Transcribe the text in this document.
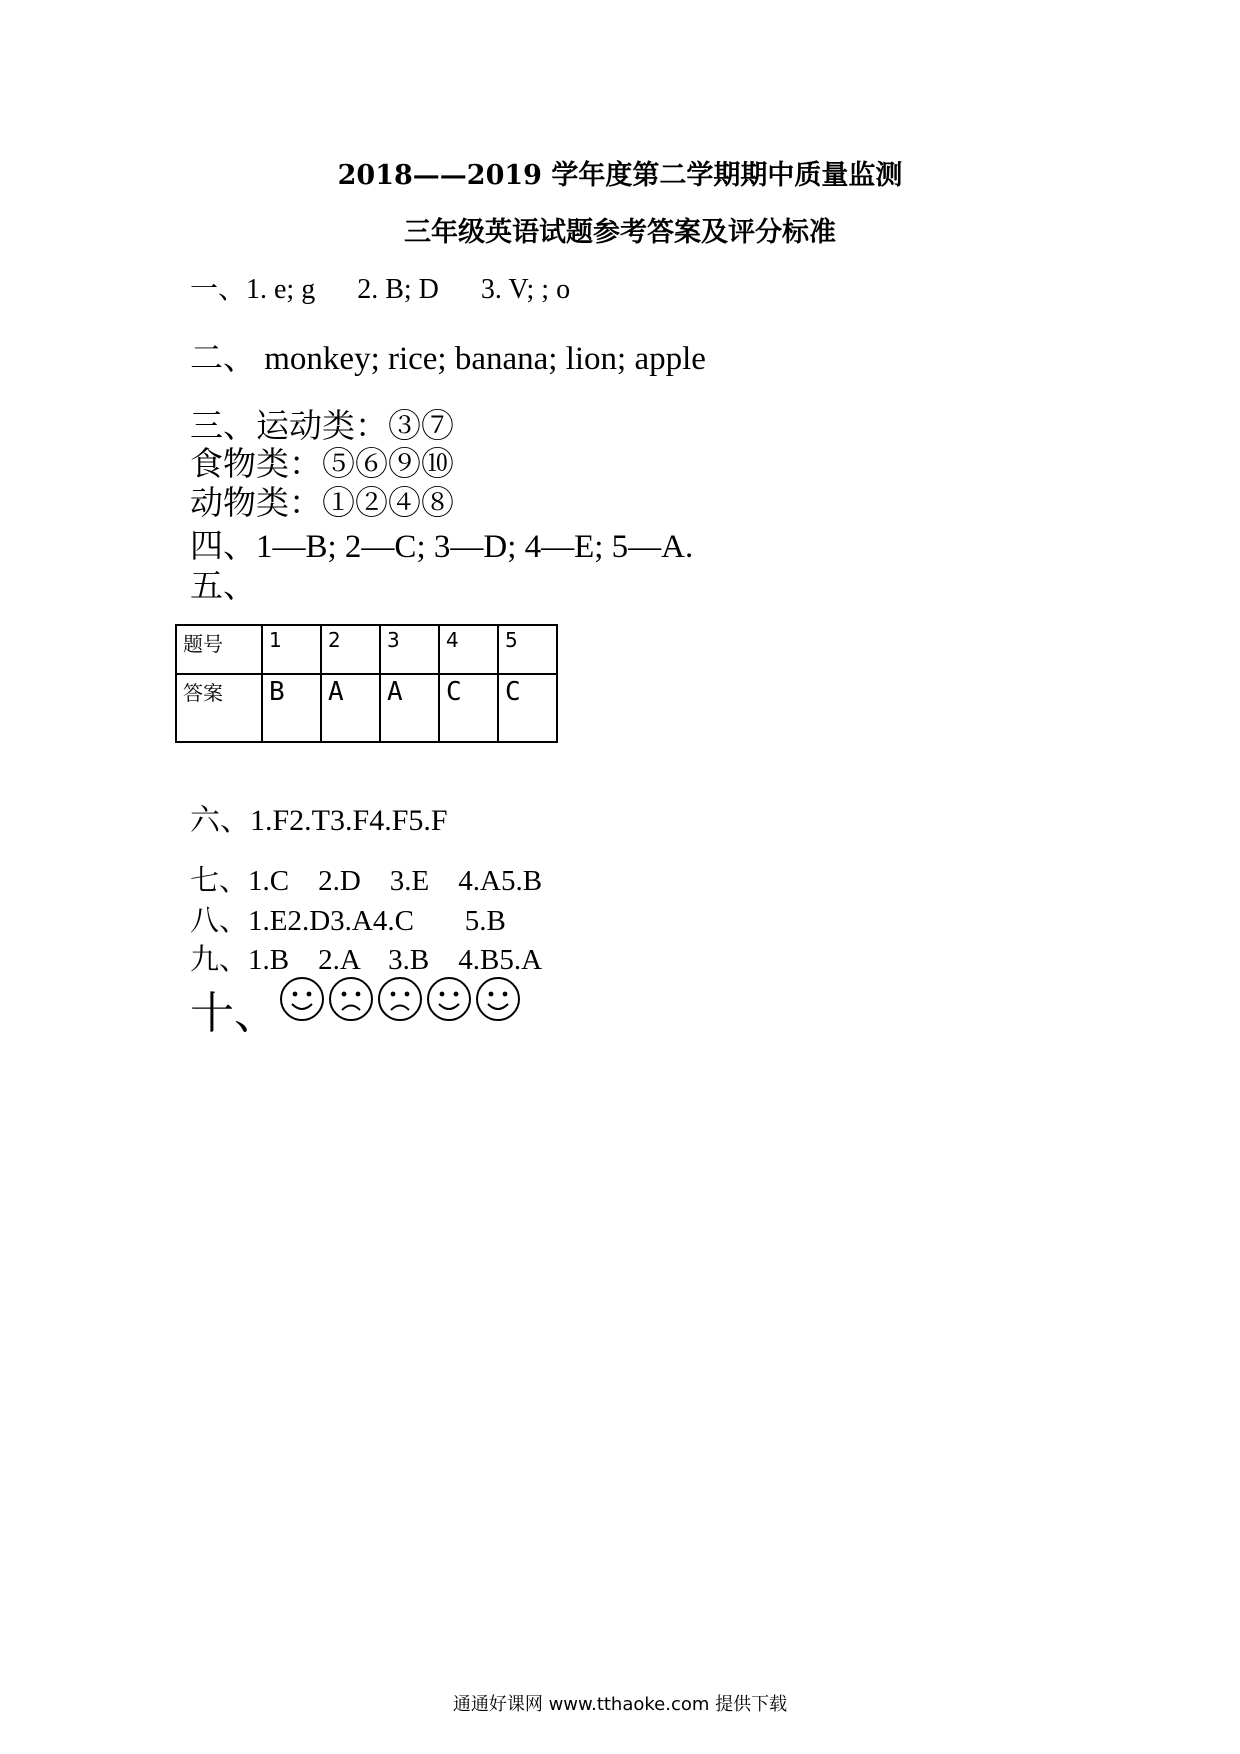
2018——2019 学年度第二学期期中质量监测
三年级英语试题参考答案及评分标准
一、1. e; g      2. B; D      3. V; ; o
二、 monkey; rice; banana; lion; apple
三、运动类：③⑦
食物类：⑤⑥⑨⑩
动物类：①②④⑧
四、1—B; 2—C; 3—D; 4—E; 5—A.
五、
题号	1	2	3	4	5
答案	B	A	A	C	C
六、1.F2.T3.F4.F5.F
七、1.C    2.D    3.E    4.A5.B
八、1.E2.D3.A4.C       5.B
九、1.B    2.A    3.B    4.B5.A
十、
通通好课网 www.tthaoke.com 提供下载
